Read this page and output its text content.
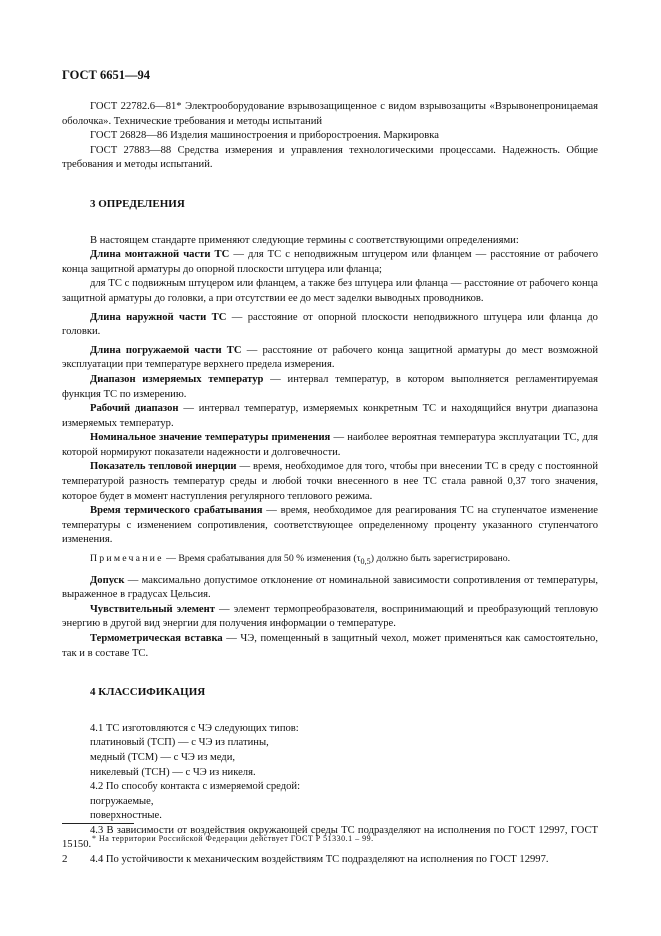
ГОСТ 6651—94

ГОСТ 22782.6—81* Электрооборудование взрывозащищенное с видом взрывозащиты «Взрывонепроницаемая оболочка». Технические требования и методы испытаний

ГОСТ 26828—86 Изделия машиностроения и приборостроения. Маркировка

ГОСТ 27883—88 Средства измерения и управления технологическими процессами. Надежность. Общие требования и методы испытаний.

3 ОПРЕДЕЛЕНИЯ

В настоящем стандарте применяют следующие термины с соответствующими определениями:

Длина монтажной части ТС — для ТС с неподвижным штуцером или фланцем — расстояние от рабочего конца защитной арматуры до опорной плоскости штуцера или фланца;

для ТС с подвижным штуцером или фланцем, а также без штуцера или фланца — расстояние от рабочего конца защитной арматуры до головки, а при отсутствии ее до мест заделки выводных проводников.

Длина наружной части ТС — расстояние от опорной плоскости неподвижного штуцера или фланца до головки.

Длина погружаемой части ТС — расстояние от рабочего конца защитной арматуры до мест возможной эксплуатации при температуре верхнего предела измерения.

Диапазон измеряемых температур — интервал температур, в котором выполняется регламентируемая функция ТС по измерению.

Рабочий диапазон — интервал температур, измеряемых конкретным ТС и находящийся внутри диапазона измеряемых температур.

Номинальное значение температуры применения — наиболее вероятная температура эксплуатации ТС, для которой нормируют показатели надежности и долговечности.

Показатель тепловой инерции — время, необходимое для того, чтобы при внесении ТС в среду с постоянной температурой разность температур среды и любой точки внесенного в нее ТС стала равной 0,37 того значения, которое будет в момент наступления регулярного теплового режима.

Время термического срабатывания — время, необходимое для реагирования ТС на ступенчатое изменение температуры с изменением сопротивления, соответствующее определенному проценту указанного ступенчатого изменения.

Примечание — Время срабатывания для 50 % изменения $(\tau_{0,5})$ должно быть зарегистрировано.

Допуск — максимально допустимое отклонение от номинальной зависимости сопротивления от температуры, выраженное в градусах Цельсия.

Чувствительный элемент — элемент термопреобразователя, воспринимающий и преобразующий тепловую энергию в другой вид энергии для получения информации о температуре.

Термометрическая вставка — ЧЭ, помещенный в защитный чехол, может применяться как самостоятельно, так и в составе ТС.

4 КЛАССИФИКАЦИЯ

4.1 ТС изготовляются с ЧЭ следующих типов:

платиновый (ТСП) — с ЧЭ из платины,

медный (ТСМ) — с ЧЭ из меди,

никелевый (ТСН) — с ЧЭ из никеля.

4.2 По способу контакта с измеряемой средой:

погружаемые,

поверхностные.

4.3 В зависимости от воздействия окружающей среды ТС подразделяют на исполнения по ГОСТ 12997, ГОСТ 15150.

4.4 По устойчивости к механическим воздействиям ТС подразделяют на исполнения по ГОСТ 12997.

* На территории Российской Федерации действует ГОСТ Р 51330.1 – 99.
2
